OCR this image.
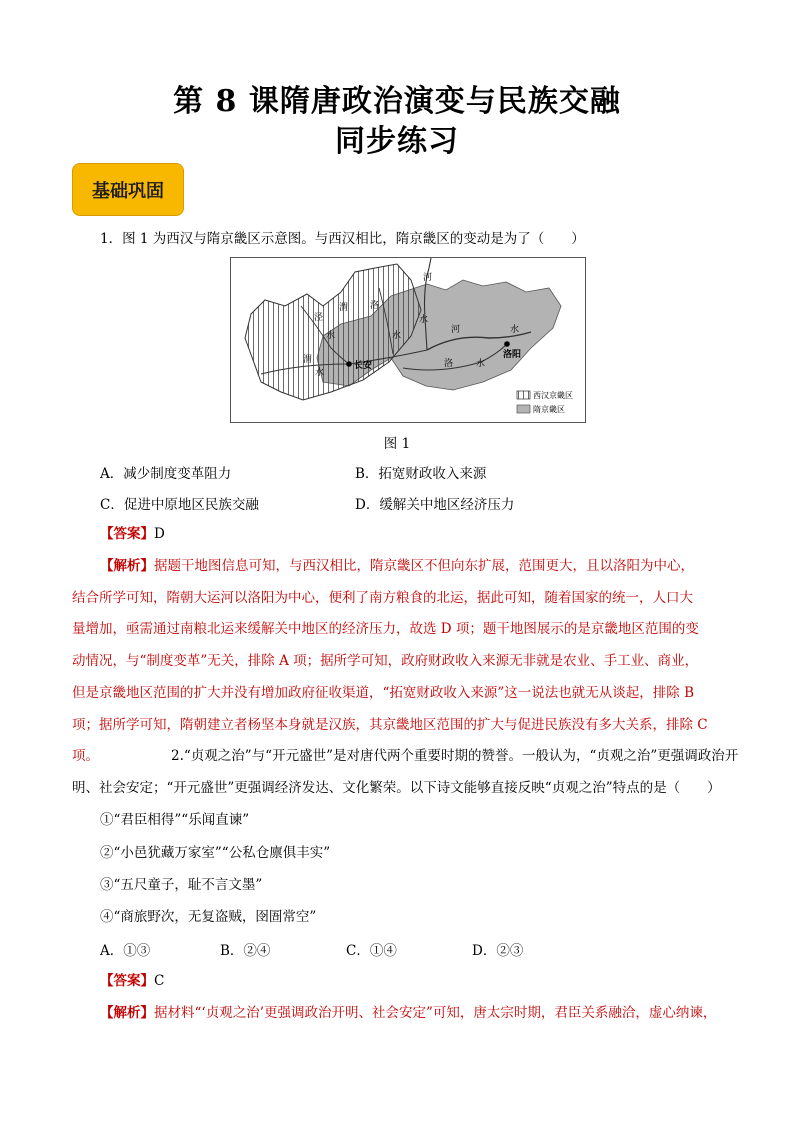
第 8 课隋唐政治演变与民族交融
同步练习
基础巩固
1．图 1 为西汉与隋京畿区示意图。与西汉相比，隋京畿区的变动是为了（　　）
河
洛
泾
渭
水	水
河	水
洛	水
渭
水
水
长安
洛阳
西汉京畿区
隋京畿区
图 1
A．减少制度变革阻力	B．拓宽财政收入来源
C．促进中原地区民族交融	D．缓解关中地区经济压力
【答案】D
【解析】据题干地图信息可知，与西汉相比，隋京畿区不但向东扩展，范围更大，且以洛阳为中心，
结合所学可知，隋朝大运河以洛阳为中心，便利了南方粮食的北运，据此可知，随着国家的统一，人口大
量增加，亟需通过南粮北运来缓解关中地区的经济压力，故选 D 项；题干地图展示的是京畿地区范围的变
动情况，与“制度变革”无关，排除 A 项；据所学可知，政府财政收入来源无非就是农业、手工业、商业，
但是京畿地区范围的扩大并没有增加政府征收渠道，“拓宽财政收入来源”这一说法也就无从谈起，排除 B
项；据所学可知，隋朝建立者杨坚本身就是汉族，其京畿地区范围的扩大与促进民族没有多大关系，排除 C
项。	2.“贞观之治”与“开元盛世”是对唐代两个重要时期的赞誉。一般认为，“贞观之治”更强调政治开
明、社会安定；“开元盛世”更强调经济发达、文化繁荣。以下诗文能够直接反映“贞观之治”特点的是（　　）
①“君臣相得”“乐闻直谏”
②“小邑犹藏万家室”“公私仓廪俱丰实”
③“五尺童子，耻不言文墨”
④“商旅野次，无复盗贼，囹圄常空”
A．①③	B．②④	C．①④	D．②③
【答案】C
【解析】据材料“‘贞观之治’更强调政治开明、社会安定”可知，唐太宗时期，君臣关系融洽，虚心纳谏，
